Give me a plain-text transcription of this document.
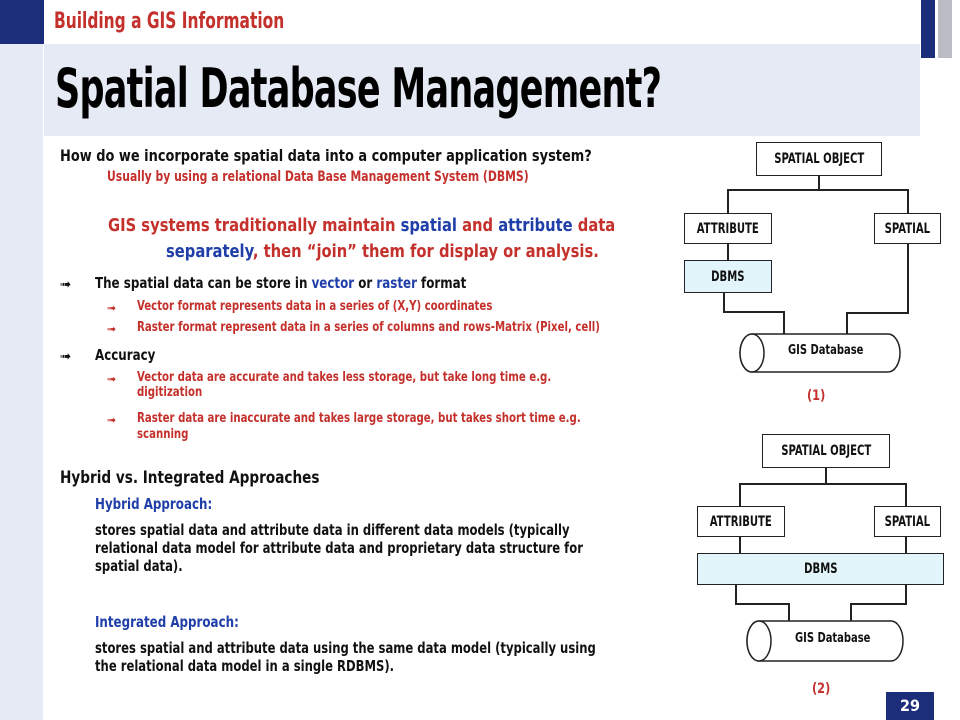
Building a GIS Information
Spatial Database Management?
How do we incorporate spatial data into a computer application system?
Usually by using a relational Data Base Management System (DBMS)
GIS systems traditionally maintain spatial and attribute data
separately, then “join” them for display or analysis.
➟ The spatial data can be store in vector or raster format
➟ Vector format represents data in a series of (X,Y) coordinates
➟ Raster format represent data in a series of columns and rows-Matrix (Pixel, cell)
➟ Accuracy
➟ Vector data are accurate and takes less storage, but take long time e.g.
digitization
➟ Raster data are inaccurate and takes large storage, but takes short time e.g.
scanning
Hybrid vs. Integrated Approaches
Hybrid Approach:
stores spatial data and attribute data in different data models (typically
relational data model for attribute data and proprietary data structure for
spatial data).
Integrated Approach:
stores spatial and attribute data using the same data model (typically using
the relational data model in a single RDBMS).
SPATIAL OBJECT
ATTRIBUTE	SPATIAL
DBMS
GIS Database
(1)
SPATIAL OBJECT
ATTRIBUTE	SPATIAL
DBMS
GIS Database
(2)
29
